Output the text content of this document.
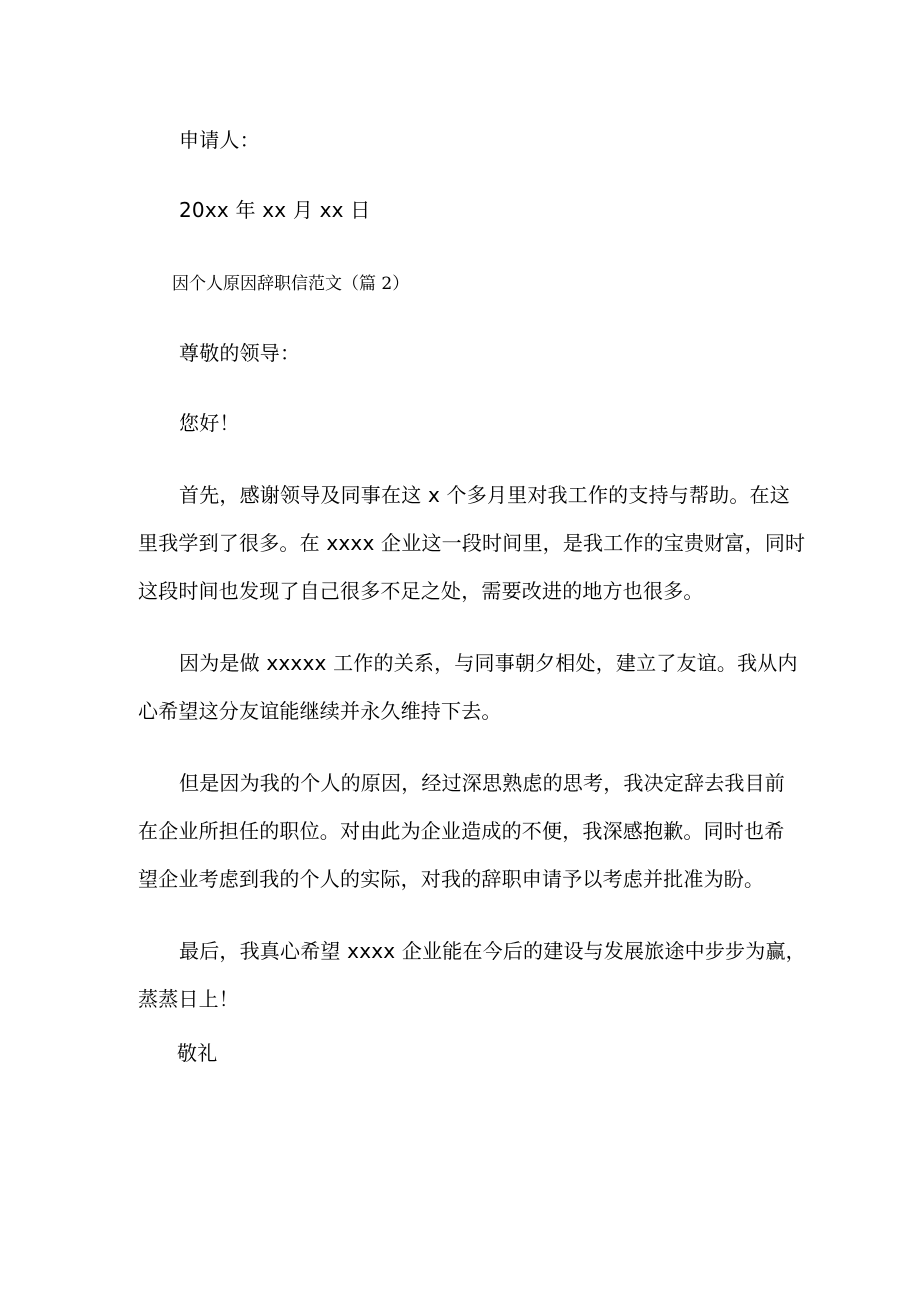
申请人：
20xx 年 xx 月 xx 日
因个人原因辞职信范文（篇 2）
尊敬的领导：
您好！
首先，感谢领导及同事在这 x 个多月里对我工作的支持与帮助。在这
里我学到了很多。在 xxxx 企业这一段时间里，是我工作的宝贵财富，同时
这段时间也发现了自己很多不足之处，需要改进的地方也很多。
因为是做 xxxxx 工作的关系，与同事朝夕相处，建立了友谊。我从内
心希望这分友谊能继续并永久维持下去。
但是因为我的个人的原因，经过深思熟虑的思考，我决定辞去我目前
在企业所担任的职位。对由此为企业造成的不便，我深感抱歉。同时也希
望企业考虑到我的个人的实际，对我的辞职申请予以考虑并批准为盼。
最后，我真心希望 xxxx 企业能在今后的建设与发展旅途中步步为赢，
蒸蒸日上！
敬礼
